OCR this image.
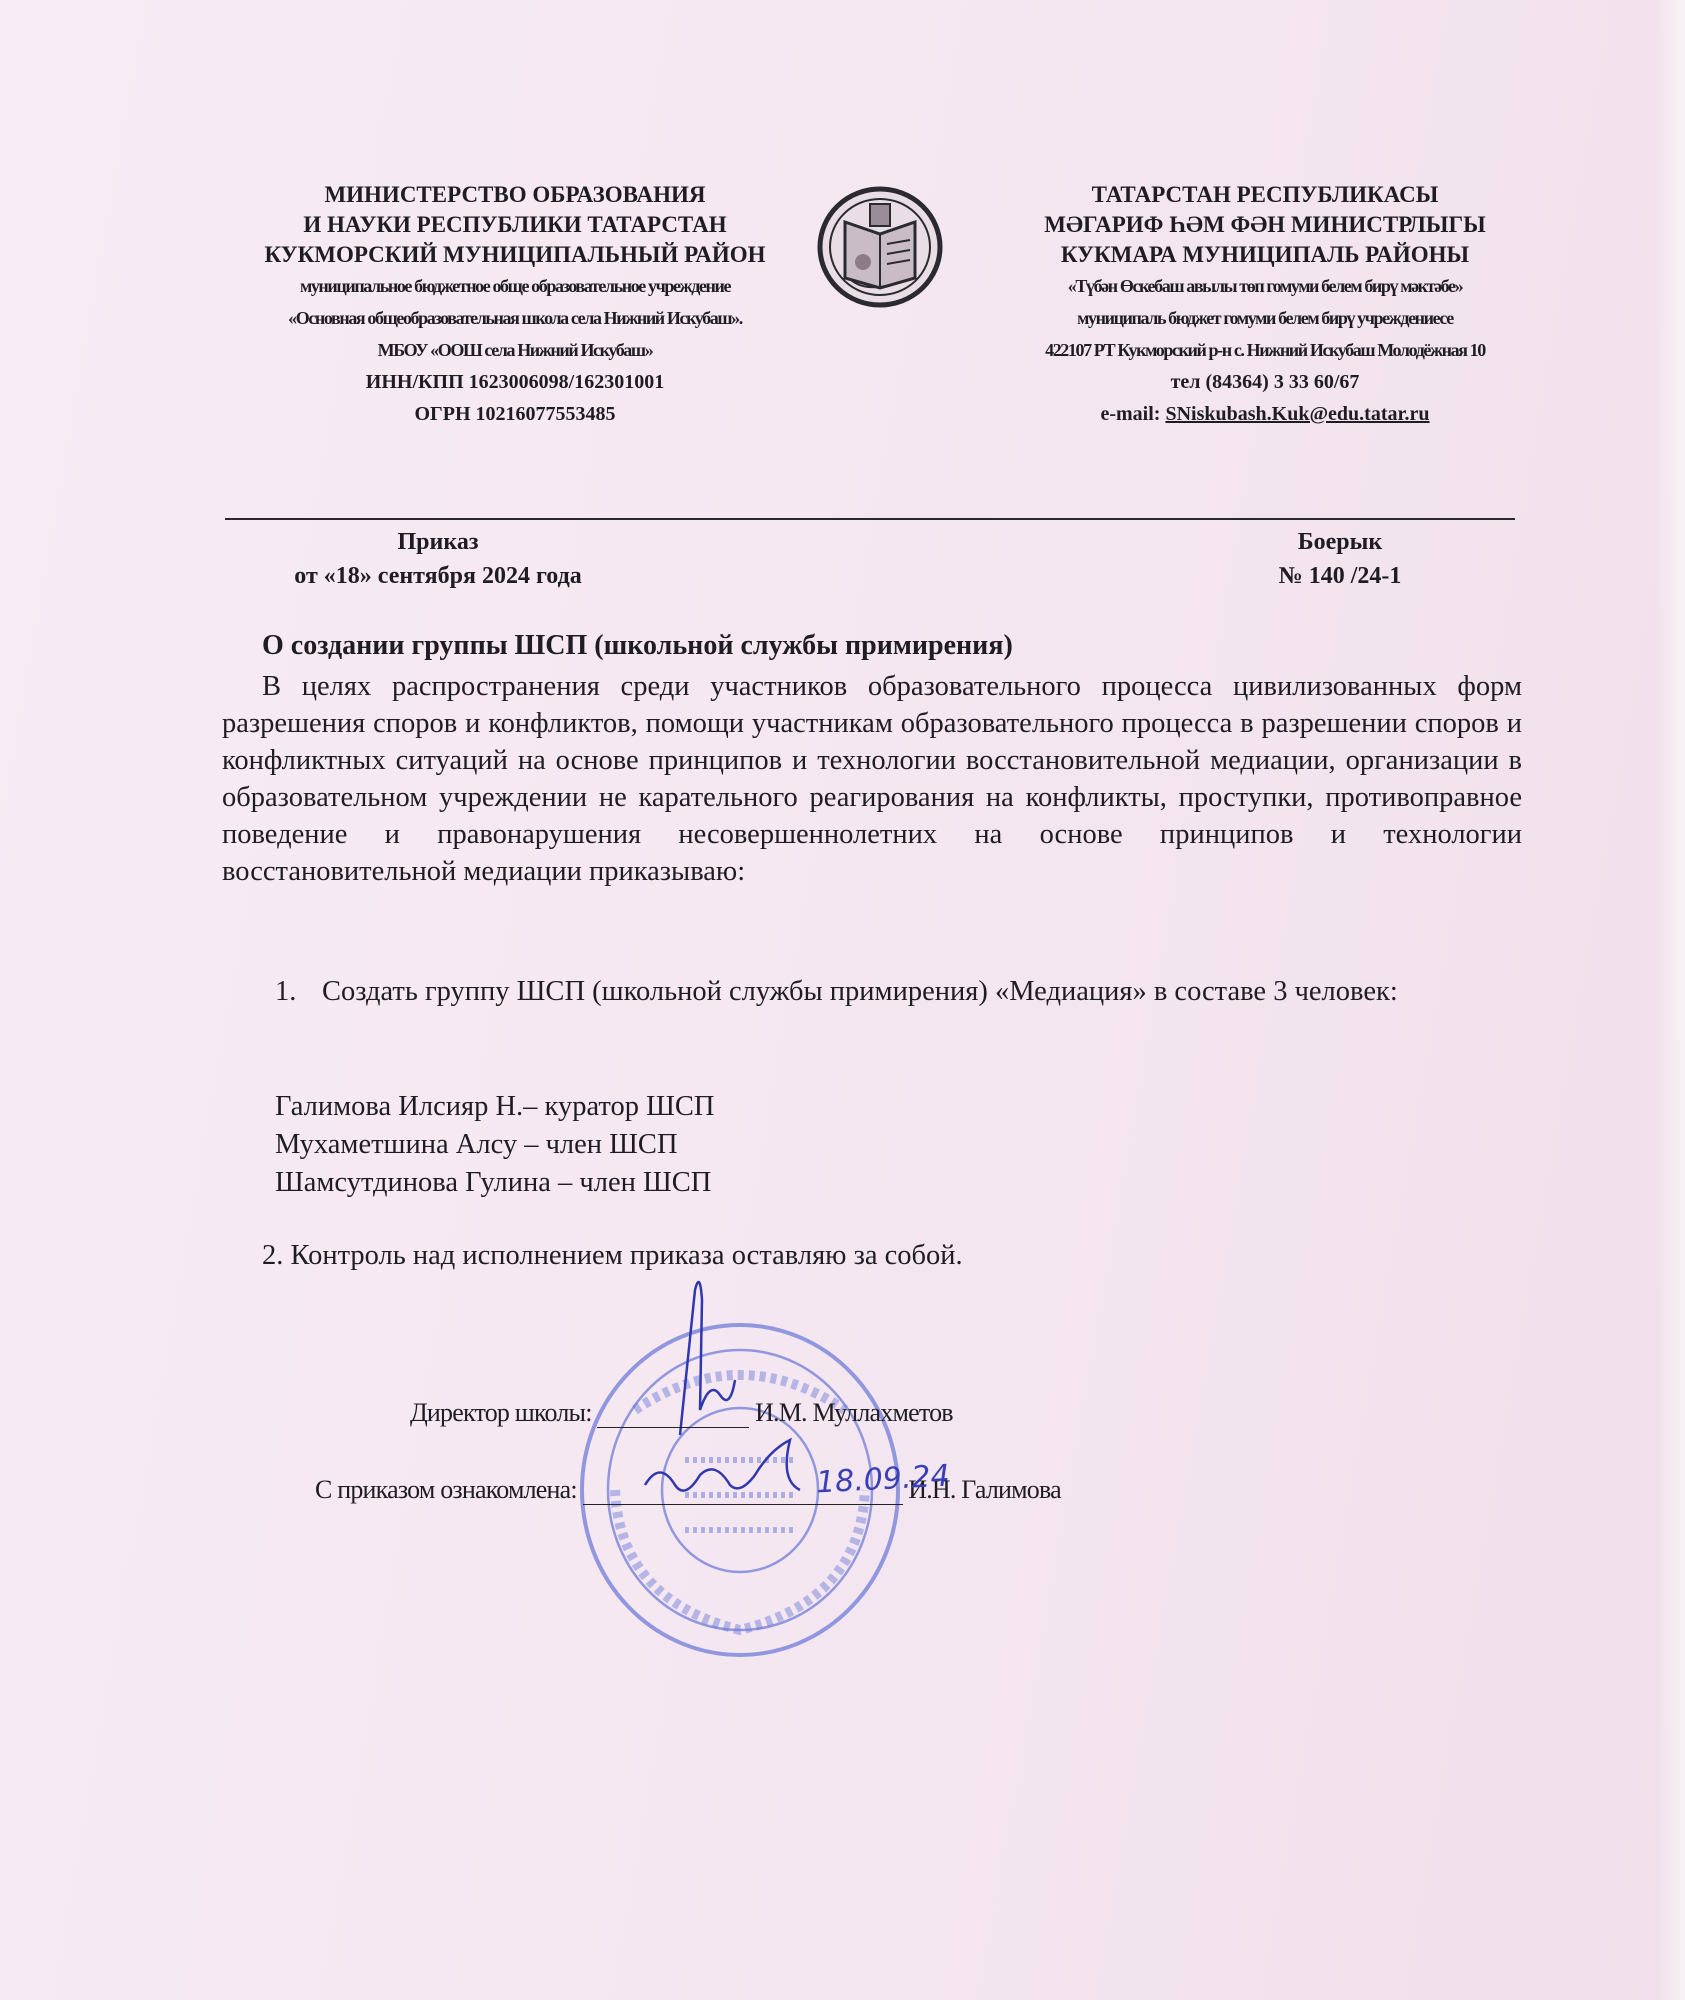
МИНИСТЕРСТВО ОБРАЗОВАНИЯ
И НАУКИ РЕСПУБЛИКИ ТАТАРСТАН
КУКМОРСКИЙ МУНИЦИПАЛЬНЫЙ РАЙОН
муниципальное бюджетное обще образовательное учреждение
«Основная общеобразовательная школа села Нижний Искубаш».
МБОУ «ООШ села Нижний Искубаш»
ИНН/КПП 1623006098/162301001
ОГРН 10216077553485
ТАТАРСТАН РЕСПУБЛИКАСЫ
МӘГАРИФ ҺӘМ ФӘН МИНИСТРЛЫГЫ
КУКМАРА МУНИЦИПАЛЬ РАЙОНЫ
«Түбән Өскебаш авылы төп гомуми белем бирү мәктәбе»
муниципаль бюджет гомуми белем бирү учреждениесе
422107 РТ Кукморский р-н с. Нижний Искубаш Молодёжная 10
тел (84364) 3 33 60/67
e-mail: SNiskubash.Kuk@edu.tatar.ru
Приказ
от «18» сентября 2024 года
Боерык
№ 140 /24-1
О создании группы ШСП (школьной службы примирения)
В целях распространения среди участников образовательного процесса цивилизованных форм разрешения споров и конфликтов, помощи участникам образовательного процесса в разрешении споров и конфликтных ситуаций на основе принципов и технологии восстановительной медиации, организации в образовательном учреждении не карательного реагирования на конфликты, проступки, противоправное поведение и правонарушения несовершеннолетних на основе принципов и технологии восстановительной медиации приказываю:
1. Создать группу ШСП (школьной службы примирения) «Медиация» в составе 3 человек:
Галимова Илсияр Н.– куратор ШСП
Мухаметшина Алсу – член ШСП
Шамсутдинова Гулина – член ШСП
2. Контроль над исполнением приказа оставляю за собой.
Директор школы:	И.М. Муллахметов
С приказом ознакомлена:	И.Н. Галимова
18.09.24
